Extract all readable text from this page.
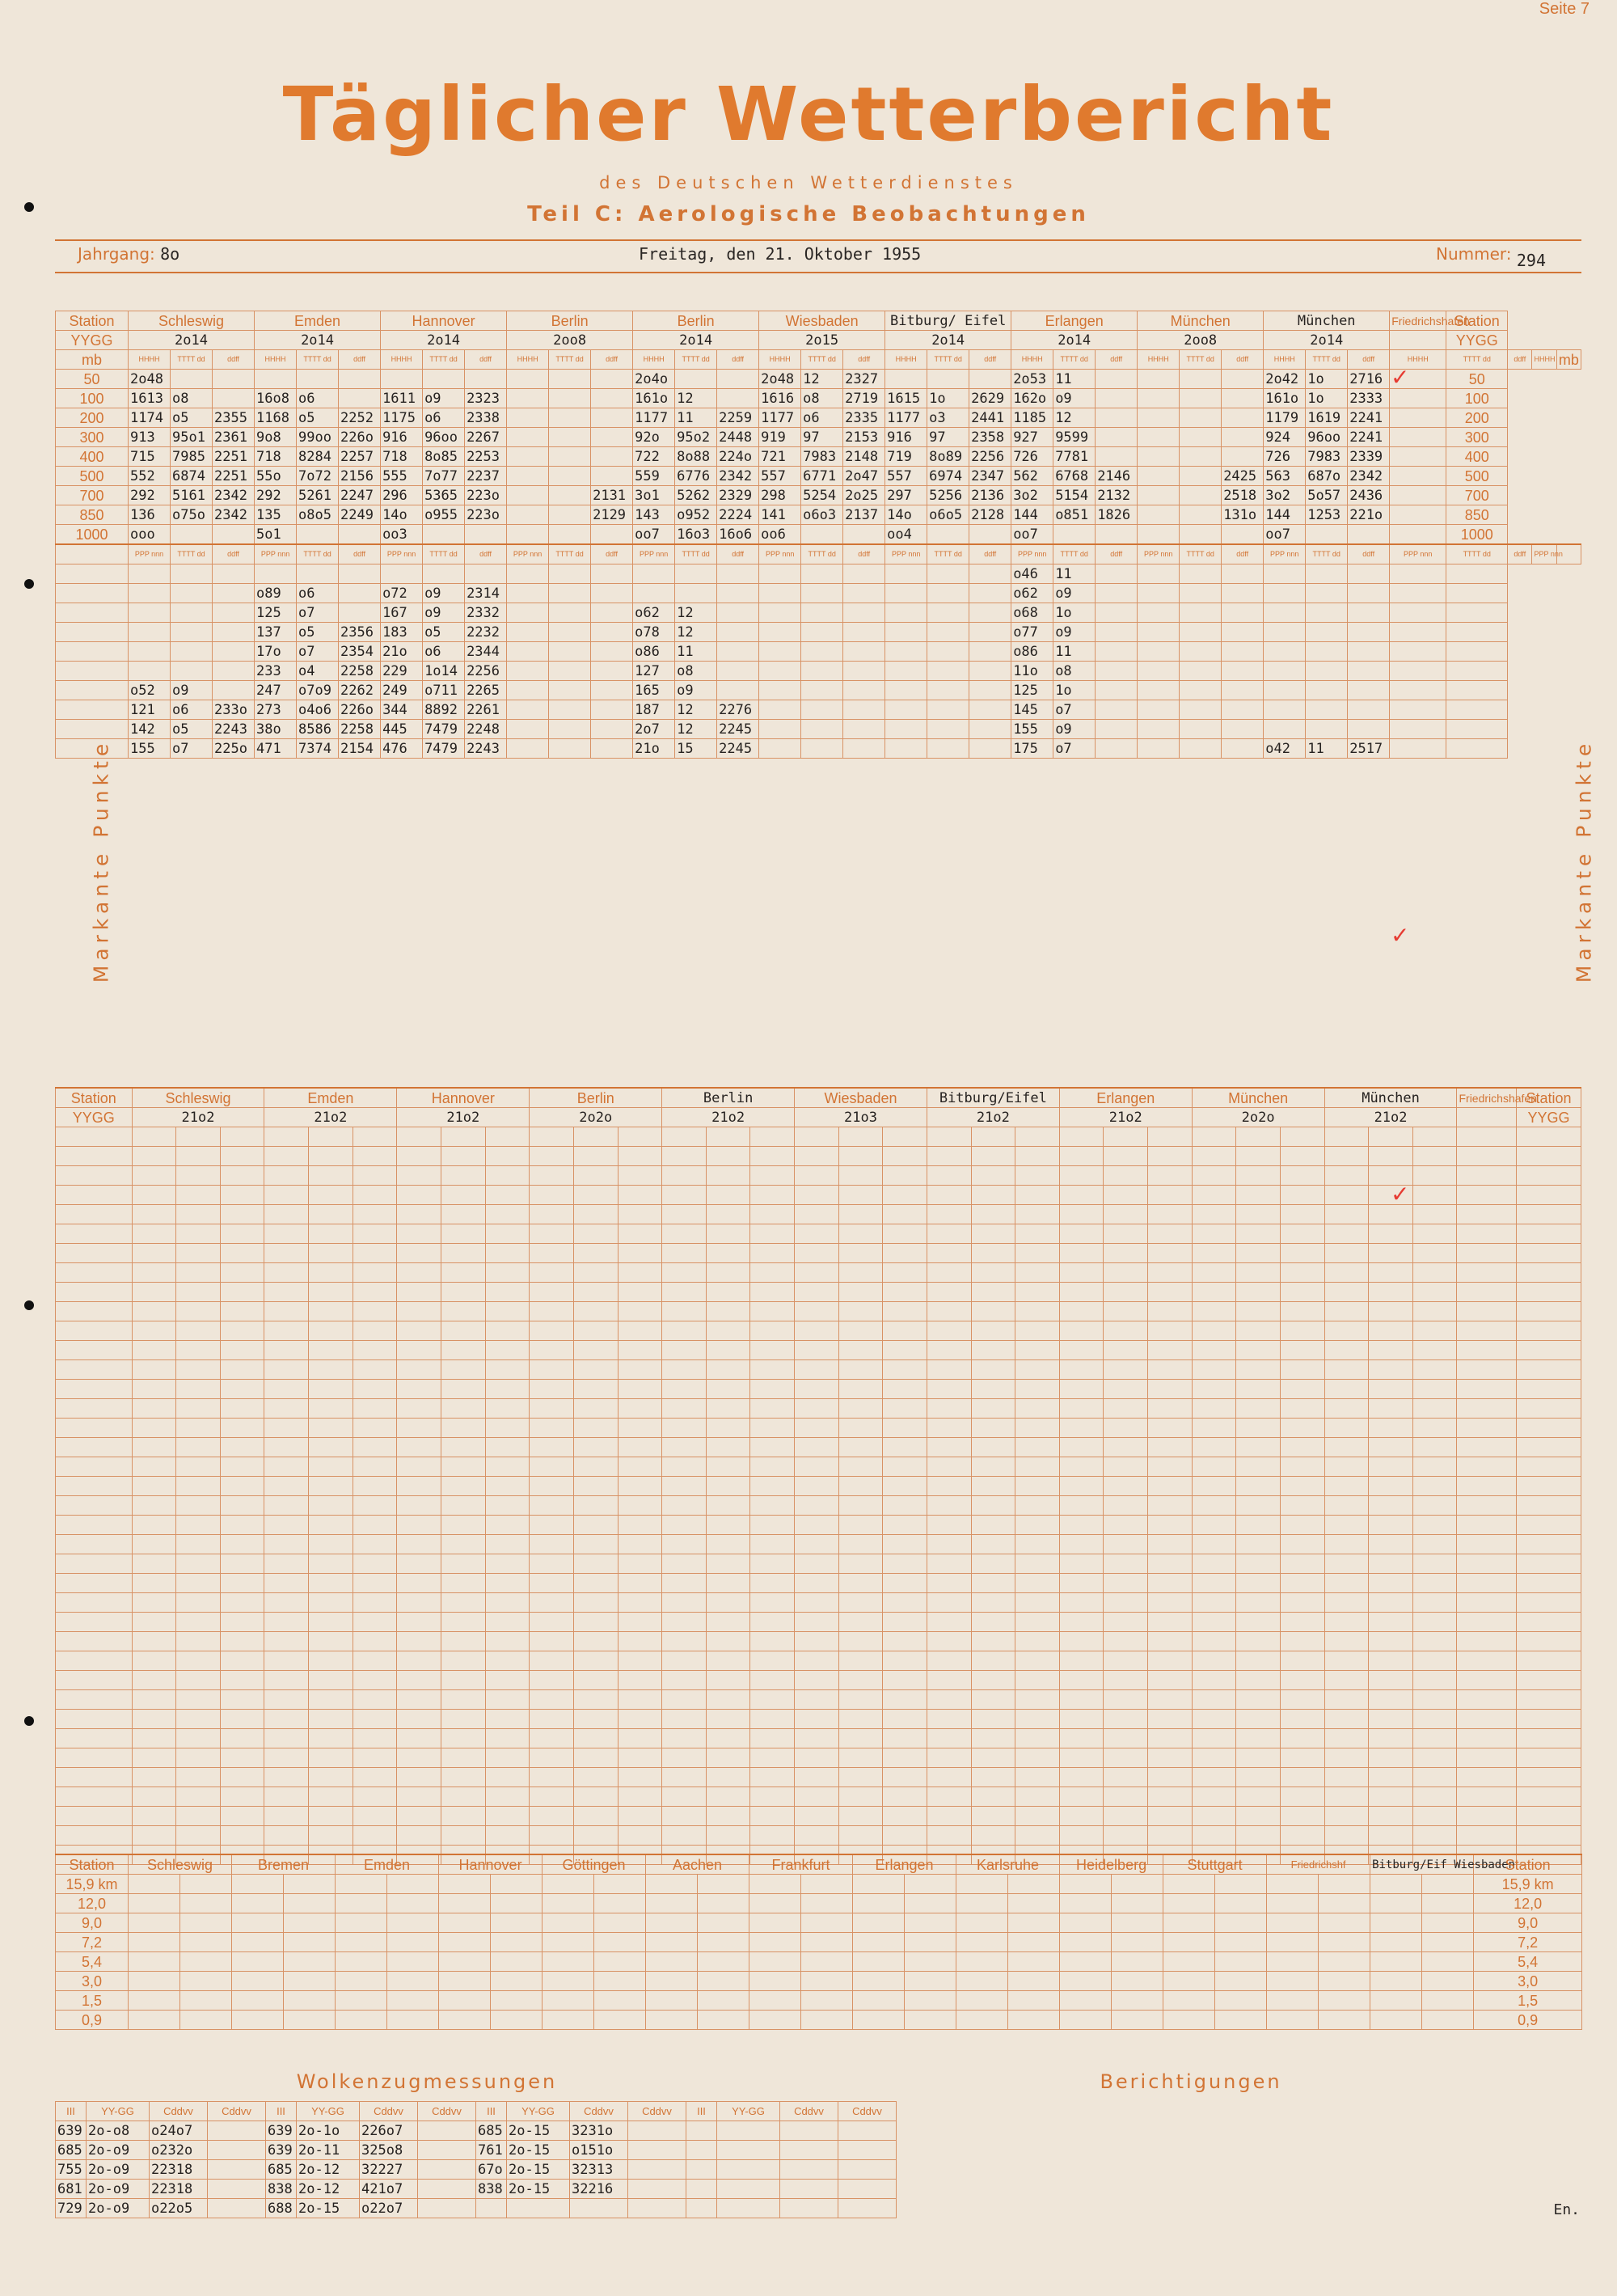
Seite 7
Täglicher Wetterbericht
des Deutschen Wetterdienstes
Teil C: Aerologische Beobachtungen
Jahrgang: 8o	Freitag, den 21. Oktober 1955	Nummer: 294
Station	Schleswig			Emden			Hannover			Berlin			Berlin			Wiesbaden			Bitburg/ Eifel			Erlangen			München			München			Friedrichshafen	Station			
YYGG	2o14			2o14			2o14			2oo8			2o14			2o15			2o14			2o14			2oo8			2o14				YYGG			
mb	HHHH	TTTT dd	ddff	HHHH	TTTT dd	ddff	HHHH	TTTT dd	ddff	HHHH	TTTT dd	ddff	HHHH	TTTT dd	ddff	HHHH	TTTT dd	ddff	HHHH	TTTT dd	ddff	HHHH	TTTT dd	ddff	HHHH	TTTT dd	ddff	HHHH	TTTT dd	ddff	HHHH	TTTT dd	ddff	HHHH	mb
50	2o48												2o4o			2o48	12	2327				2o53	11					2o42	1o	2716		50			
100	1613	o8		16o8	o6		1611	o9	2323				161o	12		1616	o8	2719	1615	1o	2629	162o	o9					161o	1o	2333		100			
200	1174	o5	2355	1168	o5	2252	1175	o6	2338				1177	11	2259	1177	o6	2335	1177	o3	2441	1185	12					1179	1619	2241		200			
300	913	95o1	2361	9o8	99oo	226o	916	96oo	2267				92o	95o2	2448	919	97	2153	916	97	2358	927	9599					924	96oo	2241		300			
400	715	7985	2251	718	8284	2257	718	8o85	2253				722	8o88	224o	721	7983	2148	719	8o89	2256	726	7781					726	7983	2339		400			
500	552	6874	2251	55o	7o72	2156	555	7o77	2237				559	6776	2342	557	6771	2o47	557	6974	2347	562	6768	2146			2425	563	687o	2342		500			
700	292	5161	2342	292	5261	2247	296	5365	223o			2131	3o1	5262	2329	298	5254	2o25	297	5256	2136	3o2	5154	2132			2518	3o2	5o57	2436		700			
850	136	o75o	2342	135	o8o5	2249	14o	o955	223o			2129	143	o952	2224	141	o6o3	2137	14o	o6o5	2128	144	o851	1826			131o	144	1253	221o		850			
1000	ooo			5o1			oo3						oo7	16o3	16o6	oo6			oo4			oo7						oo7				1000			
	PPP nnn	TTTT dd	ddff	PPP nnn	TTTT dd	ddff	PPP nnn	TTTT dd	ddff	PPP nnn	TTTT dd	ddff	PPP nnn	TTTT dd	ddff	PPP nnn	TTTT dd	ddff	PPP nnn	TTTT dd	ddff	PPP nnn	TTTT dd	ddff	PPP nnn	TTTT dd	ddff	PPP nnn	TTTT dd	ddff	PPP nnn	TTTT dd	ddff	PPP nnn	
																						o46	11												
				o89	o6		o72	o9	2314													o62	o9												
				125	o7		167	o9	2332				o62	12								o68	1o												
				137	o5	2356	183	o5	2232				o78	12								o77	o9												
				17o	o7	2354	21o	o6	2344				o86	11								o86	11												
				233	o4	2258	229	1o14	2256				127	o8								11o	o8												
	o52	o9		247	o7o9	2262	249	o711	2265				165	o9								125	1o												
	121	o6	233o	273	o4o6	226o	344	8892	2261				187	12	2276							145	o7												
	142	o5	2243	38o	8586	2258	445	7479	2248				2o7	12	2245							155	o9												
	155	o7	225o	471	7374	2154	476	7479	2243				21o	15	2245							175	o7					o42	11	2517					
Station	Schleswig			Emden			Hannover			Berlin			Berlin			Wiesbaden			Bitburg/Eifel			Erlangen			München			München			Friedrichshafen	Station
YYGG	21o2			21o2			21o2			2o2o			21o2			21o3			21o2			21o2			2o2o			21o2				YYGG

Markante Punkte	Markante Punkte
Station	Schleswig		Bremen		Emden		Hannover		Göttingen		Aachen		Frankfurt		Erlangen		Karlsruhe		Heidelberg		Stuttgart		Friedrichshf		Bitburg/Eif Wiesbaden		Station
15,9 km																											15,9 km
12,0																											12,0
9,0																											9,0
7,2																											7,2
5,4																											5,4
3,0																											3,0
1,5																											1,5
0,9																											0,9
Wolkenzugmessungen	Berichtigungen
III	YY-GG	Cddvv	Cddvv	III	YY-GG	Cddvv	Cddvv	III	YY-GG	Cddvv	Cddvv	III	YY-GG	Cddvv	Cddvv
639	2o-o8	o24o7		639	2o-1o	226o7		685	2o-15	3231o					
685	2o-o9	o232o		639	2o-11	325o8		761	2o-15	o151o					
755	2o-o9	22318		685	2o-12	32227		67o	2o-15	32313					
681	2o-o9	22318		838	2o-12	421o7		838	2o-15	32216					
729	2o-o9	o22o5		688	2o-15	o22o7										En.
✓
✓
✓
